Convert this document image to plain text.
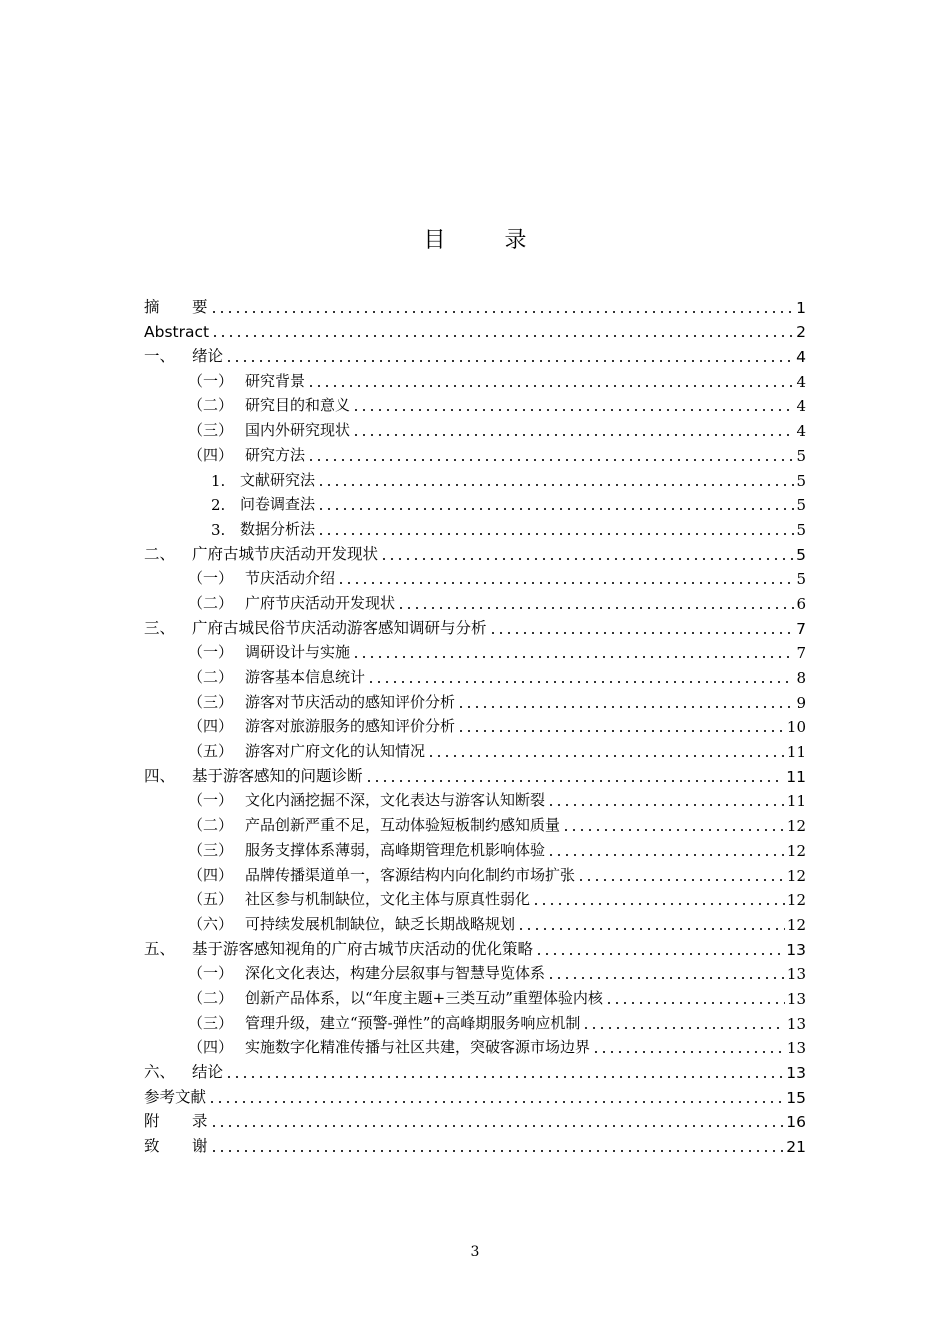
目 录
摘	要	1
Abstract	2
一、	绪论	4
（一） 研究背景	4
（二） 研究目的和意义	4
（三） 国内外研究现状	4
（四） 研究方法	5
1. 文献研究法	5
2. 问卷调查法	5
3. 数据分析法	5
二、	广府古城节庆活动开发现状	5
（一） 节庆活动介绍	5
（二） 广府节庆活动开发现状	6
三、	广府古城民俗节庆活动游客感知调研与分析	7
（一） 调研设计与实施	7
（二） 游客基本信息统计	8
（三） 游客对节庆活动的感知评价分析	9
（四） 游客对旅游服务的感知评价分析	10
（五） 游客对广府文化的认知情况	11
四、	基于游客感知的问题诊断	11
（一） 文化内涵挖掘不深，文化表达与游客认知断裂	11
（二） 产品创新严重不足，互动体验短板制约感知质量	12
（三） 服务支撑体系薄弱，高峰期管理危机影响体验	12
（四） 品牌传播渠道单一，客源结构内向化制约市场扩张	12
（五） 社区参与机制缺位，文化主体与原真性弱化	12
（六） 可持续发展机制缺位，缺乏长期战略规划	12
五、	基于游客感知视角的广府古城节庆活动的优化策略	13
（一） 深化文化表达，构建分层叙事与智慧导览体系	13
（二） 创新产品体系，以“年度主题+三类互动”重塑体验内核	13
（三） 管理升级，建立“预警-弹性”的高峰期服务响应机制	13
（四） 实施数字化精准传播与社区共建，突破客源市场边界	13
六、	结论	13
参考文献	15
附	录	16
致	谢	21
3
